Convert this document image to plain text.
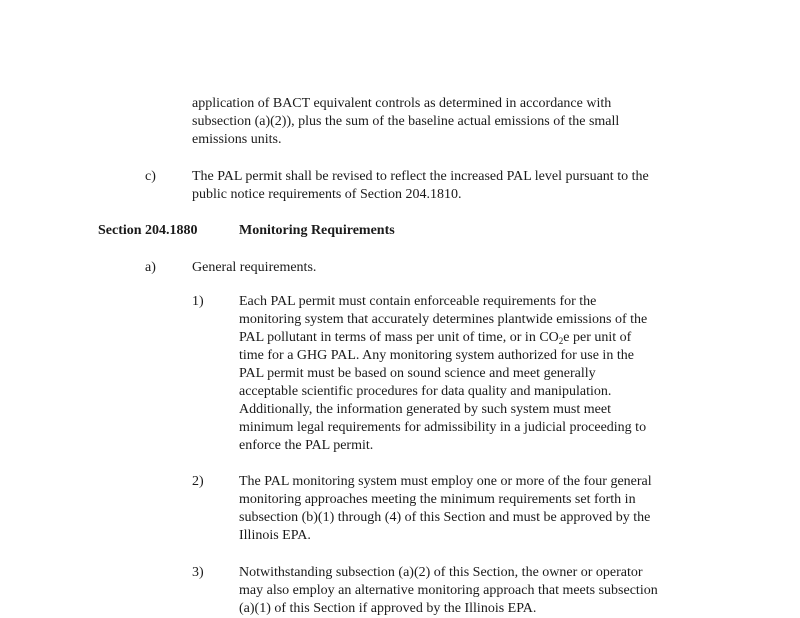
application of BACT equivalent controls as determined in accordance with
subsection (a)(2)), plus the sum of the baseline actual emissions of the small
emissions units.

c)	The PAL permit shall be revised to reflect the increased PAL level pursuant to the
public notice requirements of Section 204.1810.

Section 204.1880	Monitoring Requirements
a)	General requirements.

1)	Each PAL permit must contain enforceable requirements for the
monitoring system that accurately determines plantwide emissions of the
PAL pollutant in terms of mass per unit of time, or in $CO_2e$ per unit of
time for a GHG PAL. Any monitoring system authorized for use in the
PAL permit must be based on sound science and meet generally
acceptable scientific procedures for data quality and manipulation.
Additionally, the information generated by such system must meet
minimum legal requirements for admissibility in a judicial proceeding to
enforce the PAL permit.

2)	The PAL monitoring system must employ one or more of the four general
monitoring approaches meeting the minimum requirements set forth in
subsection (b)(1) through (4) of this Section and must be approved by the
Illinois EPA.

3)	Notwithstanding subsection (a)(2) of this Section, the owner or operator
may also employ an alternative monitoring approach that meets subsection
(a)(1) of this Section if approved by the Illinois EPA.
